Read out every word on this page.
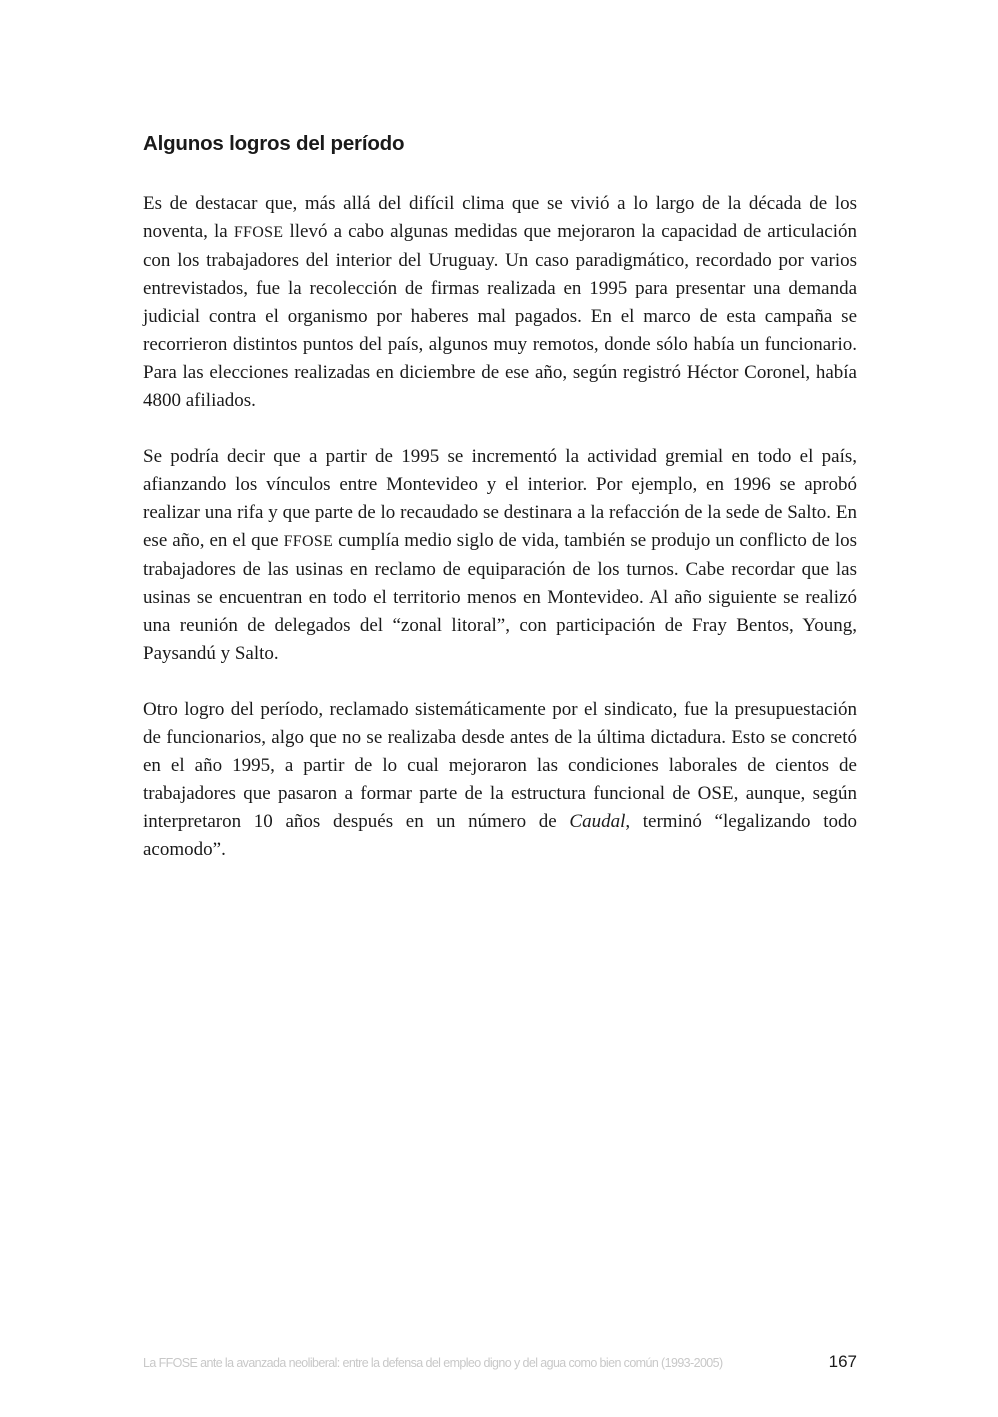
Algunos logros del período

Es de destacar que, más allá del difícil clima que se vivió a lo largo de la década de los noventa, la FFOSE llevó a cabo algunas medidas que mejoraron la capacidad de articulación con los trabajadores del interior del Uruguay. Un caso paradigmático, recordado por varios entrevistados, fue la recolección de firmas realizada en 1995 para presentar una demanda judicial contra el organismo por haberes mal pagados. En el marco de esta campaña se recorrieron distintos puntos del país, algunos muy remotos, donde sólo había un funcionario. Para las elecciones realizadas en diciembre de ese año, según registró Héctor Coronel, había 4800 afiliados.

Se podría decir que a partir de 1995 se incrementó la actividad gremial en todo el país, afianzando los vínculos entre Montevideo y el interior. Por ejemplo, en 1996 se aprobó realizar una rifa y que parte de lo recaudado se destinara a la refacción de la sede de Salto. En ese año, en el que FFOSE cumplía medio siglo de vida, también se produjo un conflicto de los trabajadores de las usinas en reclamo de equiparación de los turnos. Cabe recordar que las usinas se encuentran en todo el territorio menos en Montevideo. Al año siguiente se realizó una reunión de delegados del “zonal litoral”, con participación de Fray Bentos, Young, Paysandú y Salto.

Otro logro del período, reclamado sistemáticamente por el sindicato, fue la presupuestación de funcionarios, algo que no se realizaba desde antes de la última dictadura. Esto se concretó en el año 1995, a partir de lo cual mejoraron las condiciones laborales de cientos de trabajadores que pasaron a formar parte de la estructura funcional de OSE, aunque, según interpretaron 10 años después en un número de Caudal, terminó “legalizando todo acomodo”.

La FFOSE ante la avanzada neoliberal: entre la defensa del empleo digno y del agua como bien común (1993-2005)	167
